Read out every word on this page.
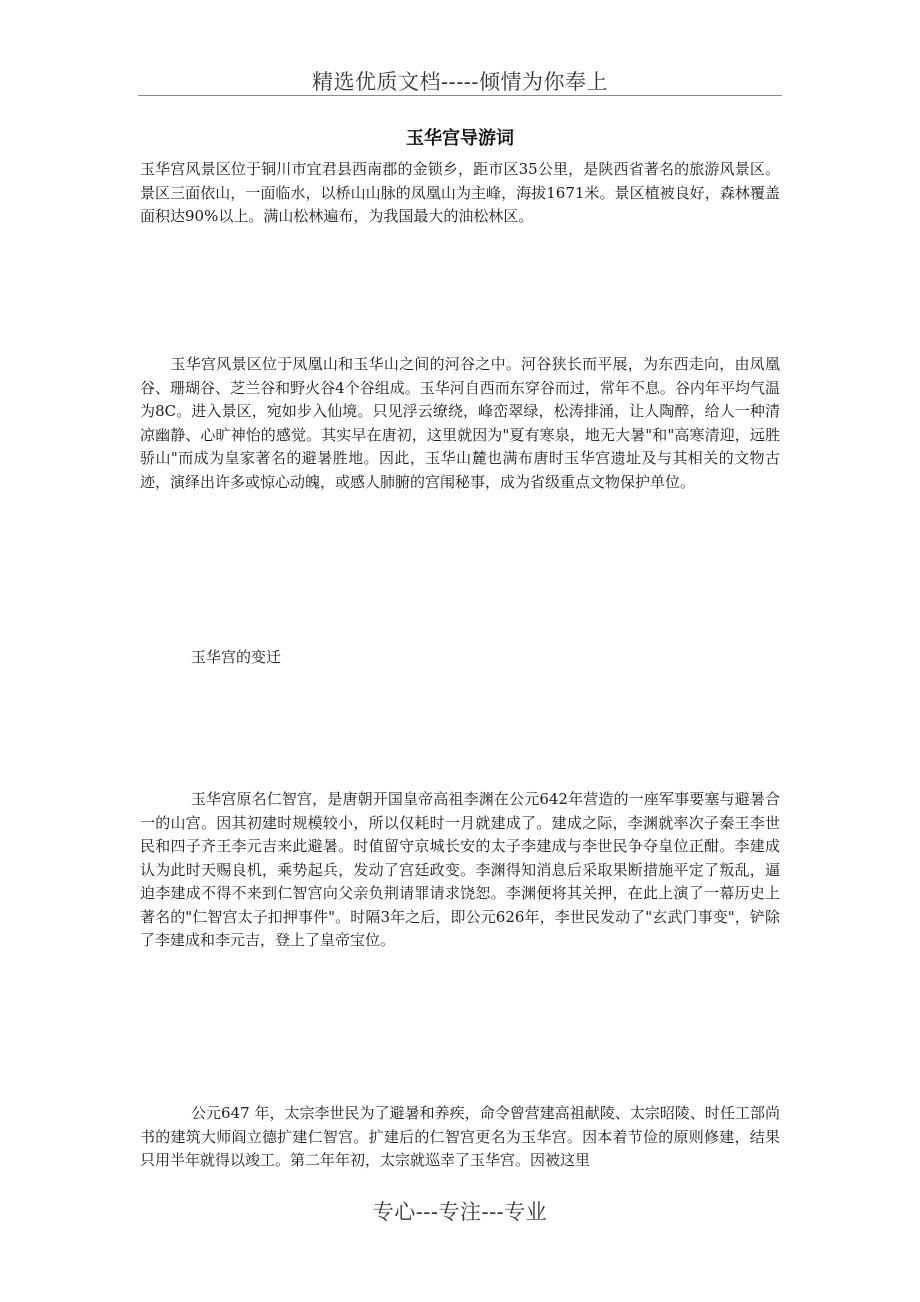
精选优质文档-----倾情为你奉上
玉华宫导游词

玉华宫风景区位于铜川市宜君县西南郡的金锁乡，距市区35公里，是陕西省著名的旅游风景区。景区三面依山，一面临水，以桥山山脉的凤凰山为主峰，海拔1671米。景区植被良好，森林覆盖面积达90%以上。满山松林遍布，为我国最大的油松林区。

　　玉华宫风景区位于凤凰山和玉华山之间的河谷之中。河谷狭长而平展，为东西走向，由凤凰谷、珊瑚谷、芝兰谷和野火谷4个谷组成。玉华河自西而东穿谷而过，常年不息。谷内年平均气温为8C。进入景区，宛如步入仙境。只见浮云缭绕，峰峦翠绿，松涛排涌，让人陶醉，给人一种清凉幽静、心旷神怡的感觉。其实早在唐初，这里就因为"夏有寒泉，地无大暑"和"高寒清迎，远胜骄山"而成为皇家著名的避暑胜地。因此，玉华山麓也满布唐时玉华宫遗址及与其相关的文物古迹，演绎出许多或惊心动魄，或感人肺腑的宫闱秘事，成为省级重点文物保护单位。

玉华宫的变迁

玉华宫原名仁智宫，是唐朝开国皇帝高祖李渊在公元642年营造的一座军事要塞与避暑合一的山宫。因其初建时规模较小，所以仅耗时一月就建成了。建成之际，李渊就率次子秦王李世民和四子齐王李元吉来此避暑。时值留守京城长安的太子李建成与李世民争夺皇位正酣。李建成认为此时天赐良机，乘势起兵，发动了宫廷政变。李渊得知消息后采取果断措施平定了叛乱，逼迫李建成不得不来到仁智宫向父亲负荆请罪请求饶恕。李渊便将其关押，在此上演了一幕历史上著名的"仁智宫太子扣押事件"。时隔3年之后，即公元626年，李世民发动了"玄武门事变"，铲除了李建成和李元吉，登上了皇帝宝位。

公元647 年，太宗李世民为了避暑和养疾，命令曾营建高祖献陵、太宗昭陵、时任工部尚书的建筑大师阎立德扩建仁智宫。扩建后的仁智宫更名为玉华宫。因本着节俭的原则修建，结果只用半年就得以竣工。第二年年初，太宗就巡幸了玉华宫。因被这里

专心---专注---专业
